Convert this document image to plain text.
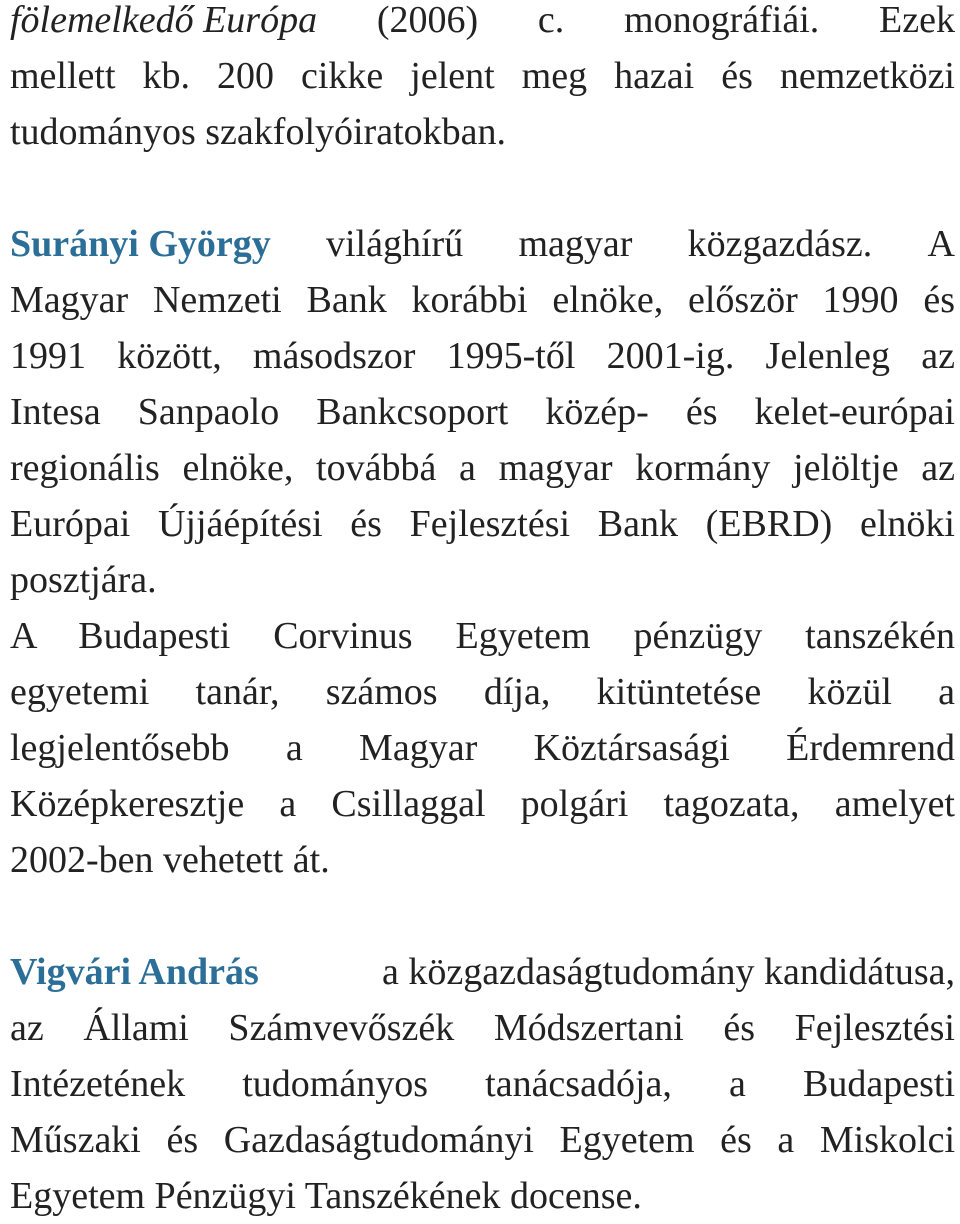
fölemelkedő Európa (2006) c. monográfiái. Ezek
mellett kb. 200 cikke jelent meg hazai és nemzetközi
tudományos szakfolyóiratokban.
Surányi György világhírű magyar közgazdász. A
Magyar Nemzeti Bank korábbi elnöke, először 1990 és
1991 között, másodszor 1995-től 2001-ig. Jelenleg az
Intesa Sanpaolo Bankcsoport közép- és kelet-európai
regionális elnöke, továbbá a magyar kormány jelöltje az
Európai Újjáépítési és Fejlesztési Bank (EBRD) elnöki
posztjára.
A Budapesti Corvinus Egyetem pénzügy tanszékén
egyetemi tanár, számos díja, kitüntetése közül a
legjelentősebb a Magyar Köztársasági Érdemrend
Középkeresztje a Csillaggal polgári tagozata, amelyet
2002-ben vehetett át.
Vigvári András	a közgazdaságtudomány kandidátusa,
az Állami Számvevőszék Módszertani és Fejlesztési
Intézetének tudományos tanácsadója, a Budapesti
Műszaki és Gazdaságtudományi Egyetem és a Miskolci
Egyetem Pénzügyi Tanszékének docense.
